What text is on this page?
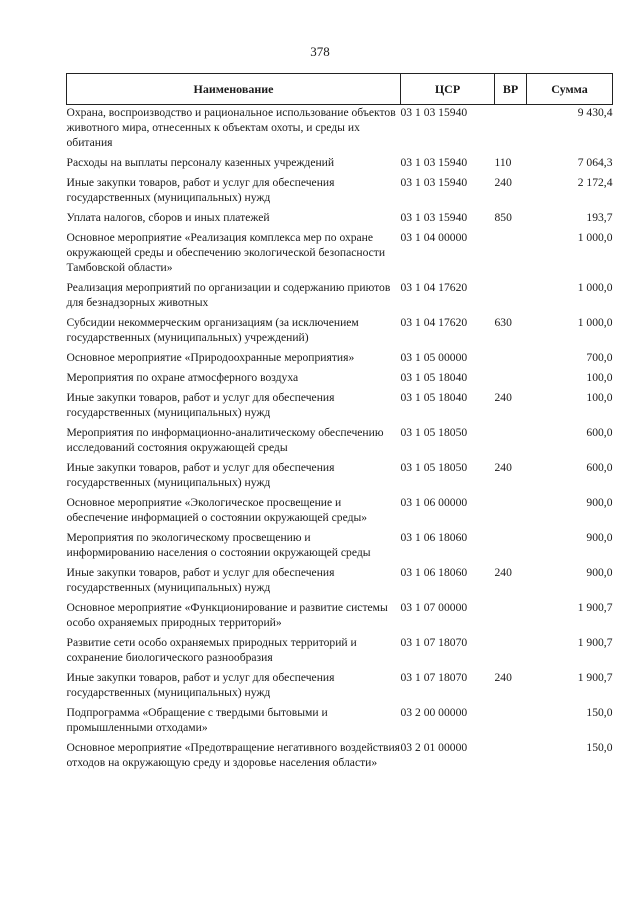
378
Наименование	ЦСР	ВР	Сумма
Охрана, воспроизводство и рациональное использование объектов животного мира, отнесенных к объектам охоты, и среды их обитания	03 1 03 15940		9 430,4
Расходы на выплаты персоналу казенных учреждений	03 1 03 15940	110	7 064,3
Иные закупки товаров, работ и услуг для обеспечения государственных (муниципальных) нужд	03 1 03 15940	240	2 172,4
Уплата налогов, сборов и иных платежей	03 1 03 15940	850	193,7
Основное мероприятие «Реализация комплекса мер по охране окружающей среды и обеспечению экологической безопасности Тамбовской области»	03 1 04 00000		1 000,0
Реализация мероприятий по организации и содержанию приютов для безнадзорных животных	03 1 04 17620		1 000,0
Субсидии некоммерческим организациям (за исключением государственных (муниципальных) учреждений)	03 1 04 17620	630	1 000,0
Основное мероприятие «Природоохранные мероприятия»	03 1 05 00000		700,0
Мероприятия по охране атмосферного воздуха	03 1 05 18040		100,0
Иные закупки товаров, работ и услуг для обеспечения государственных (муниципальных) нужд	03 1 05 18040	240	100,0
Мероприятия по информационно-аналитическому обеспечению исследований состояния окружающей среды	03 1 05 18050		600,0
Иные закупки товаров, работ и услуг для обеспечения государственных (муниципальных) нужд	03 1 05 18050	240	600,0
Основное мероприятие «Экологическое просвещение и обеспечение информацией о состоянии окружающей среды»	03 1 06 00000		900,0
Мероприятия по экологическому просвещению и информированию населения о состоянии окружающей среды	03 1 06 18060		900,0
Иные закупки товаров, работ и услуг для обеспечения государственных (муниципальных) нужд	03 1 06 18060	240	900,0
Основное мероприятие «Функционирование и развитие системы особо охраняемых природных территорий»	03 1 07 00000		1 900,7
Развитие сети особо охраняемых природных территорий и сохранение биологического разнообразия	03 1 07 18070		1 900,7
Иные закупки товаров, работ и услуг для обеспечения государственных (муниципальных) нужд	03 1 07 18070	240	1 900,7
Подпрограмма «Обращение с твердыми бытовыми и промышленными отходами»	03 2 00 00000		150,0
Основное мероприятие «Предотвращение негативного воздействия отходов на окружающую среду и здоровье населения области»	03 2 01 00000		150,0
